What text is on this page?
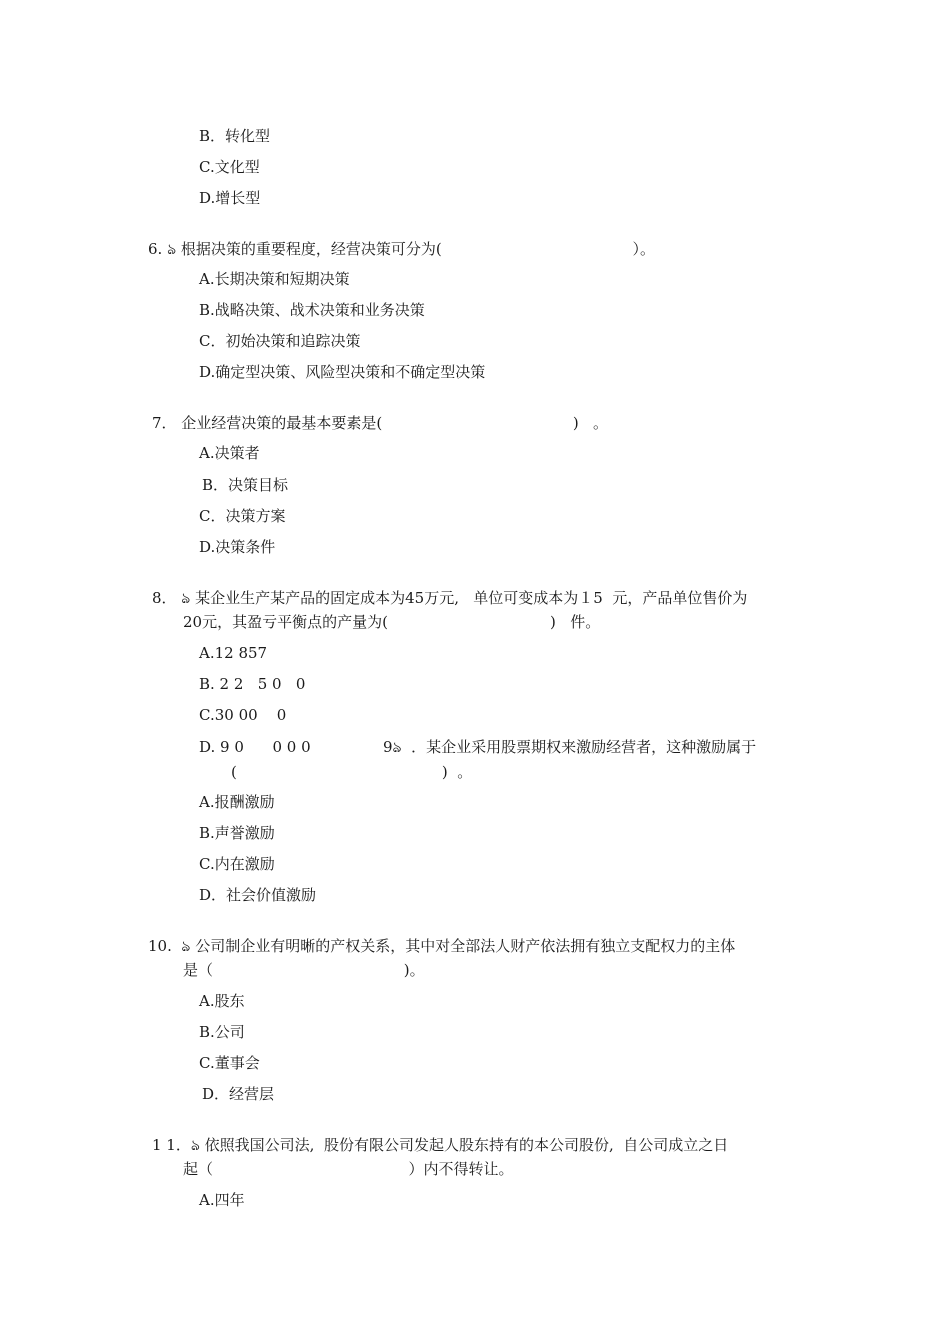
B．转化型
C.文化型
D.增长型
6. ঌ 根据决策的重要程度，经营决策可分为(                                        ）。
A.长期决策和短期决策
B.战略决策、战术决策和业务决策
C．初始决策和追踪决策
D.确定型决策、风险型决策和不确定型决策
7． 企业经营决策的最基本要素是(                                        )   。
A.决策者
B．决策目标
C．决策方案
D.决策条件
8． ঌ 某企业生产某产品的固定成本为45万元,   单位可变成本为１5  元，产品单位售价为
20元，其盈亏平衡点的产量为(                                  )   件。
A.12 857
B. 2 2   5 0   0
C.30 00    0
D. 9 0      0 0 0	9ঌ  ．某企业采用股票期权来激励经营者，这种激励属于
(                                           )  。
A.报酬激励
B.声誉激励
C.内在激励
D．社会价值激励
10.  ঌ 公司制企业有明晰的产权关系，其中对全部法人财产依法拥有独立支配权力的主体
是（                                        )。
A.股东
B.公司
C.董事会
D．经营层
1 1．ঌ 依照我国公司法,  股份有限公司发起人股东持有的本公司股份,  自公司成立之日
起（                                         ）内不得转让。
A.四年
